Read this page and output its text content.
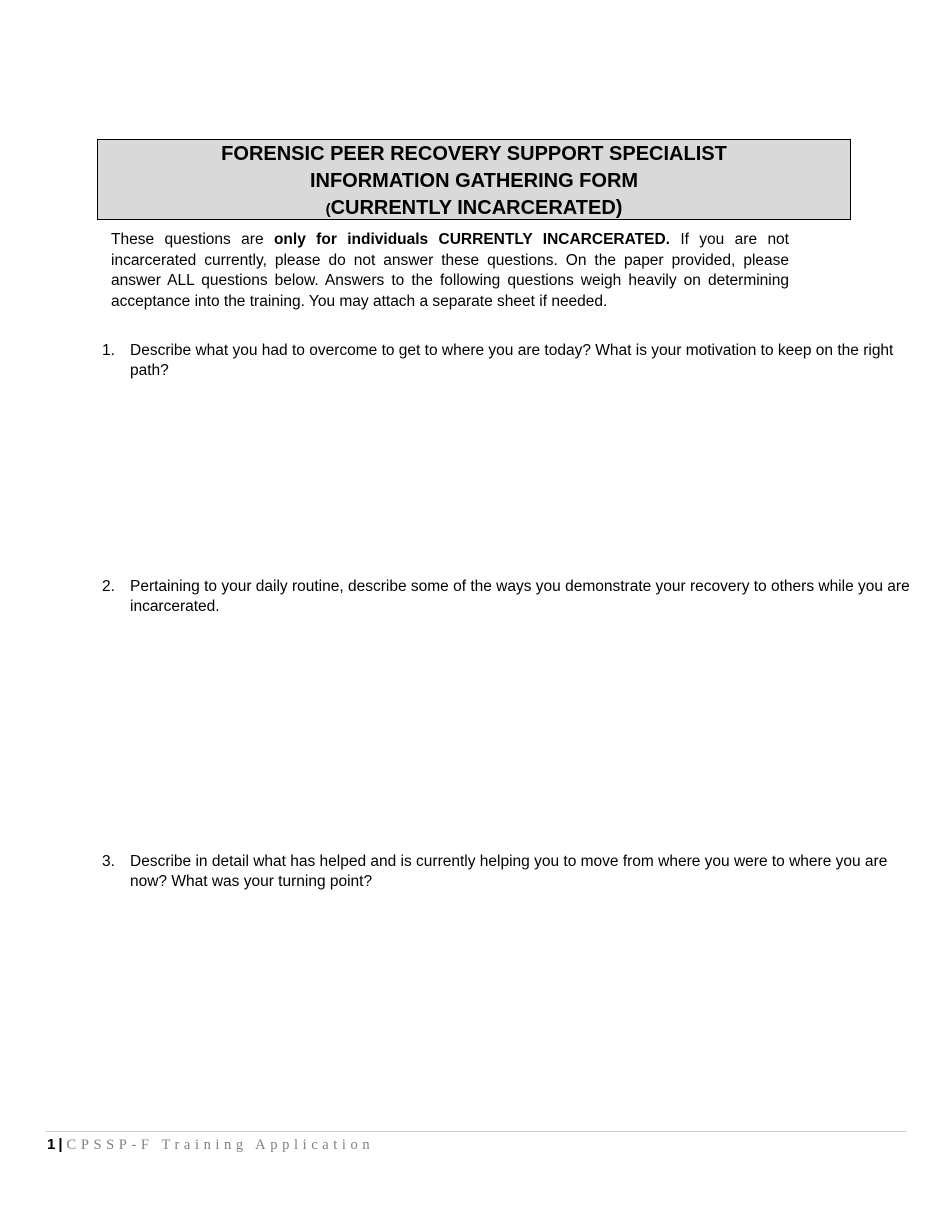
FORENSIC PEER RECOVERY SUPPORT SPECIALIST
INFORMATION GATHERING FORM
(CURRENTLY INCARCERATED)
These questions are only for individuals CURRENTLY INCARCERATED. If you are not incarcerated currently, please do not answer these questions. On the paper provided, please answer ALL questions below. Answers to the following questions weigh heavily on determining acceptance into the training. You may attach a separate sheet if needed.
1. Describe what you had to overcome to get to where you are today? What is your motivation to keep on the right path?
2. Pertaining to your daily routine, describe some of the ways you demonstrate your recovery to others while you are incarcerated.
3. Describe in detail what has helped and is currently helping you to move from where you were to where you are now? What was your turning point?
1 | CPSSP-F Training Application
